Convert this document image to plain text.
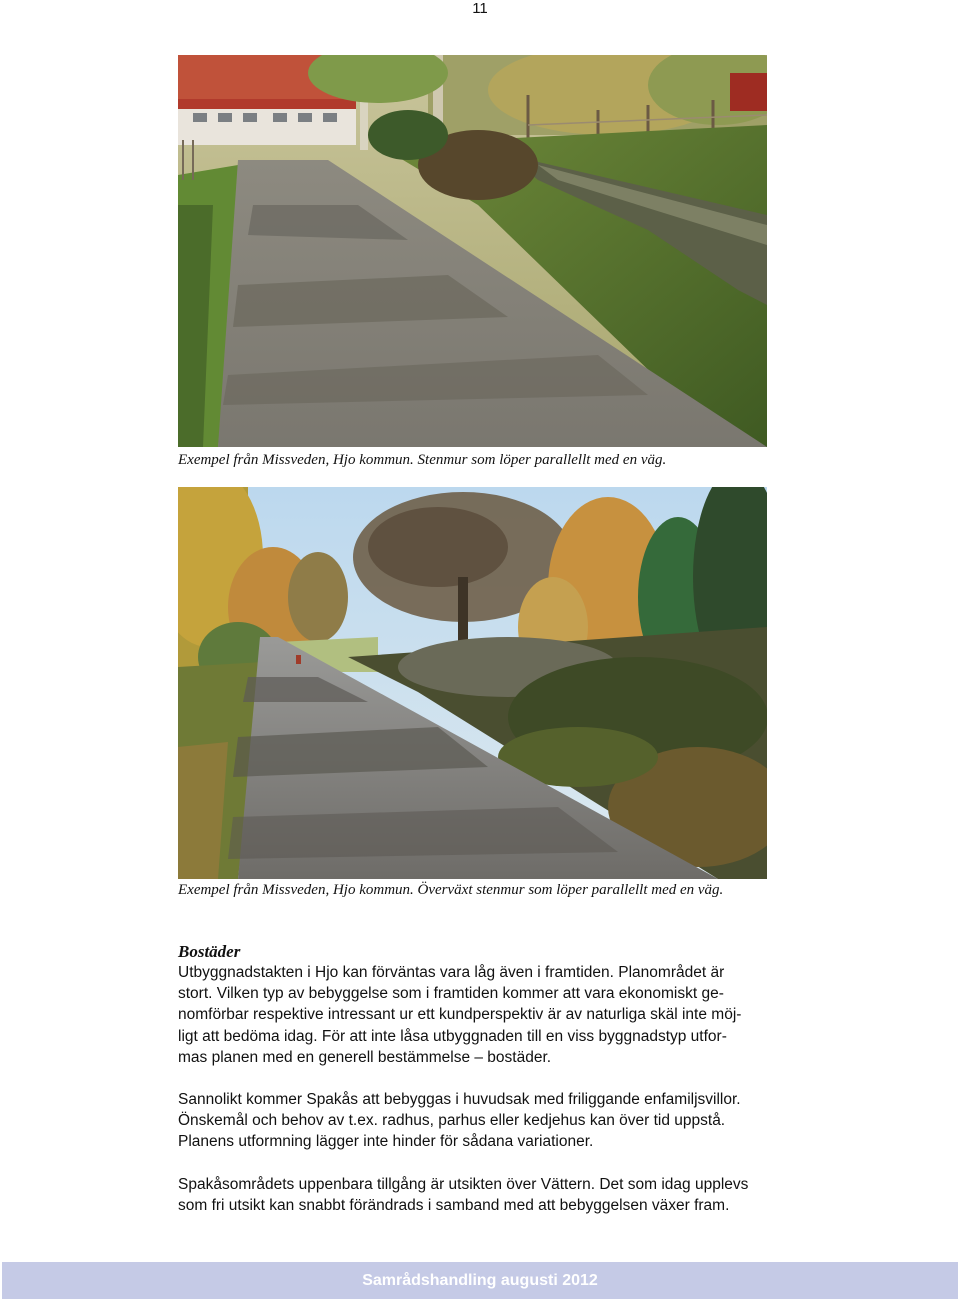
11
Exempel från Missveden, Hjo kommun. Stenmur som löper parallellt med en väg.
Exempel från Missveden, Hjo kommun. Överväxt stenmur som löper parallellt med en väg.
Bostäder

Utbyggnadstakten i Hjo kan förväntas vara låg även i framtiden. Planområdet är
stort. Vilken typ av bebyggelse som i framtiden kommer att vara ekonomiskt ge-
nomförbar respektive intressant ur ett kundperspektiv är av naturliga skäl inte möj-
ligt att bedöma idag. För att inte låsa utbyggnaden till en viss byggnadstyp utfor-
mas planen med en generell bestämmelse – bostäder.

Sannolikt kommer Spakås att bebyggas i huvudsak med friliggande enfamiljsvillor.
Önskemål och behov av t.ex. radhus, parhus eller kedjehus kan över tid uppstå.
Planens utformning lägger inte hinder för sådana variationer.

Spakåsområdets uppenbara tillgång är utsikten över Vättern. Det som idag upplevs
som fri utsikt kan snabbt förändrads i samband med att bebyggelsen växer fram.

Samrådshandling augusti 2012
